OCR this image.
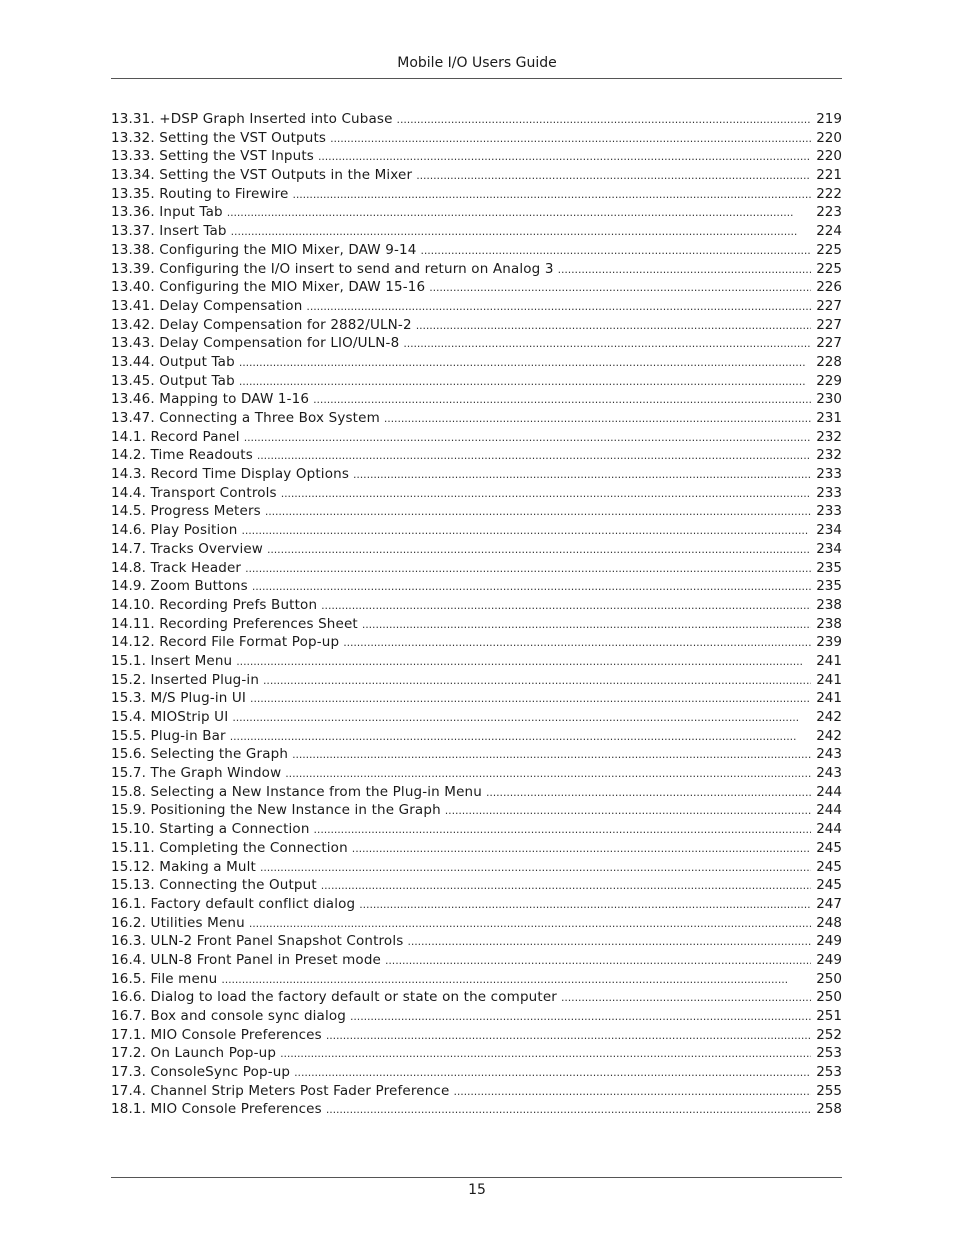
Mobile I/O Users Guide
13.31. +DSP Graph Inserted into Cubase . . .	219
13.32. Setting the VST Outputs . . .	220
13.33. Setting the VST Inputs . . .	220
13.34. Setting the VST Outputs in the Mixer . . .	221
13.35. Routing to Firewire . . .	222
13.36. Input Tab . . .	223
13.37. Insert Tab . . .	224
13.38. Configuring the MIO Mixer, DAW 9-14 . . .	225
13.39. Configuring the I/O insert to send and return on Analog 3 . . .	225
13.40. Configuring the MIO Mixer, DAW 15-16 . . .	226
13.41. Delay Compensation . . .	227
13.42. Delay Compensation for 2882/ULN-2 . . .	227
13.43. Delay Compensation for LIO/ULN-8 . . .	227
13.44. Output Tab . . .	228
13.45. Output Tab . . .	229
13.46. Mapping to DAW 1-16 . . .	230
13.47. Connecting a Three Box System . . .	231
14.1. Record Panel . . .	232
14.2. Time Readouts . . .	232
14.3. Record Time Display Options . . .	233
14.4. Transport Controls . . .	233
14.5. Progress Meters . . .	233
14.6. Play Position . . .	234
14.7. Tracks Overview . . .	234
14.8. Track Header . . .	235
14.9. Zoom Buttons . . .	235
14.10. Recording Prefs Button . . .	238
14.11. Recording Preferences Sheet . . .	238
14.12. Record File Format Pop-up . . .	239
15.1. Insert Menu . . .	241
15.2. Inserted Plug-in . . .	241
15.3. M/S Plug-in UI . . .	241
15.4. MIOStrip UI . . .	242
15.5. Plug-in Bar . . .	242
15.6. Selecting the Graph . . .	243
15.7. The Graph Window . . .	243
15.8. Selecting a New Instance from the Plug-in Menu . . .	244
15.9. Positioning the New Instance in the Graph . . .	244
15.10. Starting a Connection . . .	244
15.11. Completing the Connection . . .	245
15.12. Making a Mult . . .	245
15.13. Connecting the Output . . .	245
16.1. Factory default conflict dialog . . .	247
16.2. Utilities Menu . . .	248
16.3. ULN-2 Front Panel Snapshot Controls . . .	249
16.4. ULN-8 Front Panel in Preset mode . . .	249
16.5. File menu . . .	250
16.6. Dialog to load the factory default or state on the computer . . .	250
16.7. Box and console sync dialog . . .	251
17.1. MIO Console Preferences . . .	252
17.2. On Launch Pop-up . . .	253
17.3. ConsoleSync Pop-up . . .	253
17.4. Channel Strip Meters Post Fader Preference . . .	255
18.1. MIO Console Preferences . . .	258
15
